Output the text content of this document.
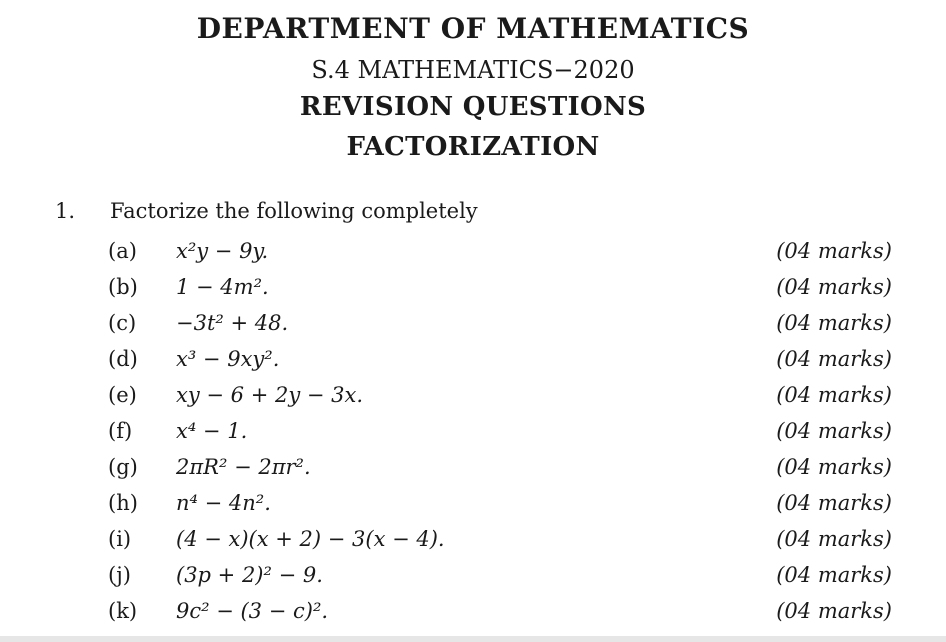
DEPARTMENT OF MATHEMATICS
S.4 MATHEMATICS−2020
REVISION QUESTIONS
FACTORIZATION
1. Factorize the following completely
(a) x²y − 9y.	(04 marks)
(b) 1 − 4m².	(04 marks)
(c) −3t² + 48.	(04 marks)
(d) x³ − 9xy².	(04 marks)
(e) xy − 6 + 2y − 3x.	(04 marks)
(f) x⁴ − 1.	(04 marks)
(g) 2πR² − 2πr².	(04 marks)
(h) n⁴ − 4n².	(04 marks)
(i) (4 − x)(x + 2) − 3(x − 4).	(04 marks)
(j) (3p + 2)² − 9.	(04 marks)
(k) 9c² − (3 − c)².	(04 marks)
